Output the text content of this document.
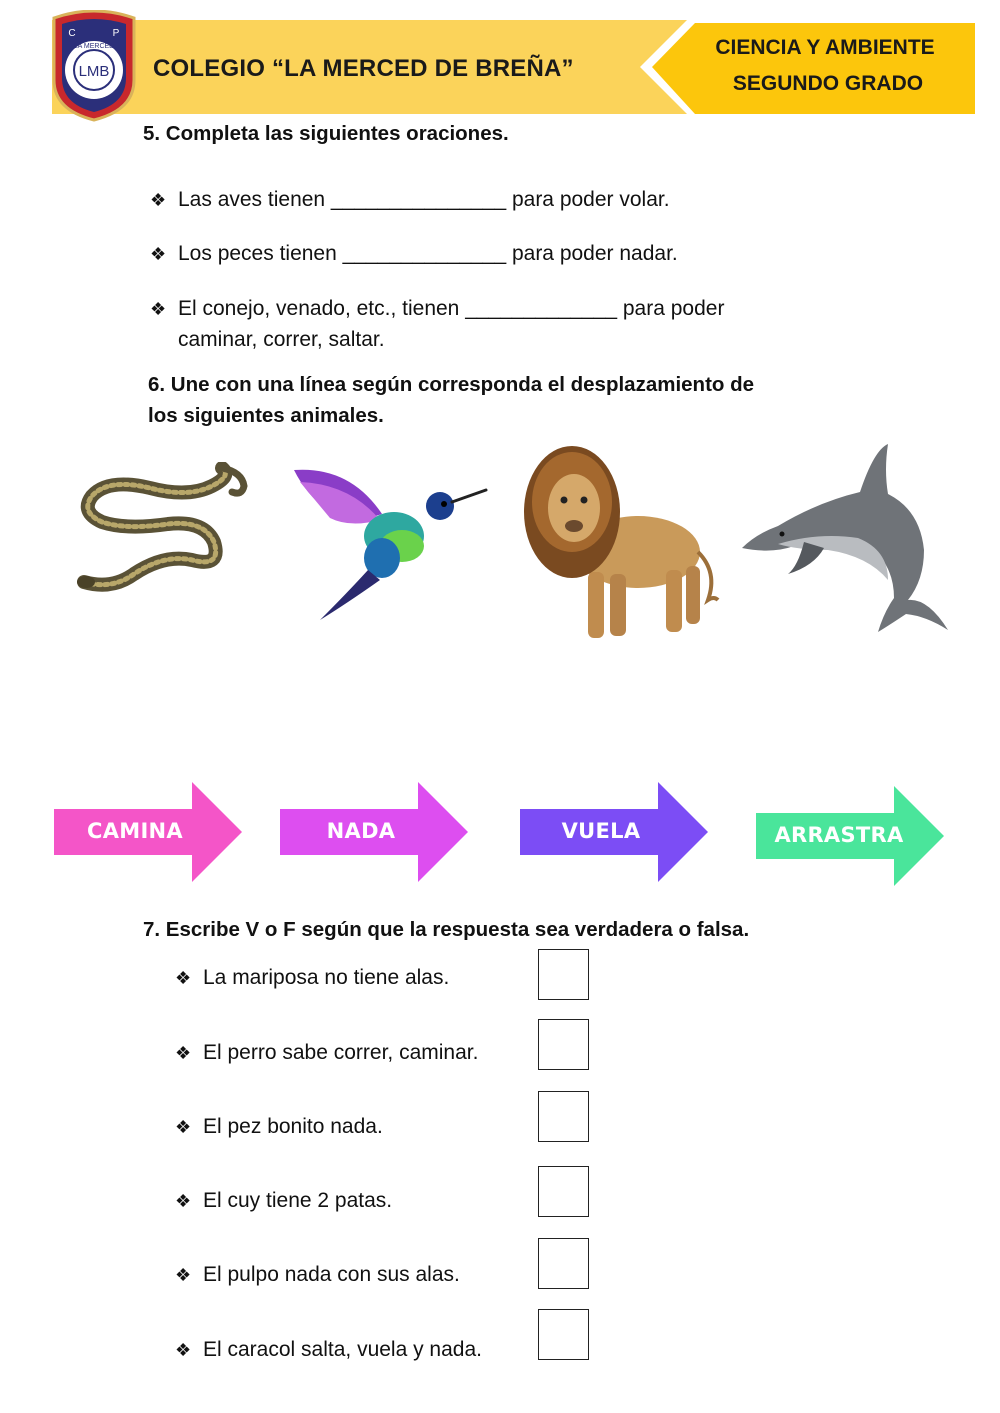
COLEGIO “LA MERCED DE BREÑA”
CIENCIA Y AMBIENTE
SEGUNDO GRADO
LMB
C	P
LA MERCED
5. Completa las siguientes oraciones.
❖ Las aves tienen _______________ para poder volar.
❖ Los peces tienen ______________ para poder nadar.
❖ El conejo, venado, etc., tienen _____________ para poder
caminar, correr, saltar.
6. Une con una línea según corresponda el desplazamiento de
los siguientes animales.
CAMINA	NADA	VUELA	ARRASTRA
7. Escribe V o F según que la respuesta sea verdadera o falsa.
❖ La mariposa no tiene alas.
❖ El perro sabe correr, caminar.
❖ El pez bonito nada.
❖ El cuy tiene 2 patas.
❖ El pulpo nada con sus alas.
❖ El caracol salta, vuela y nada.
